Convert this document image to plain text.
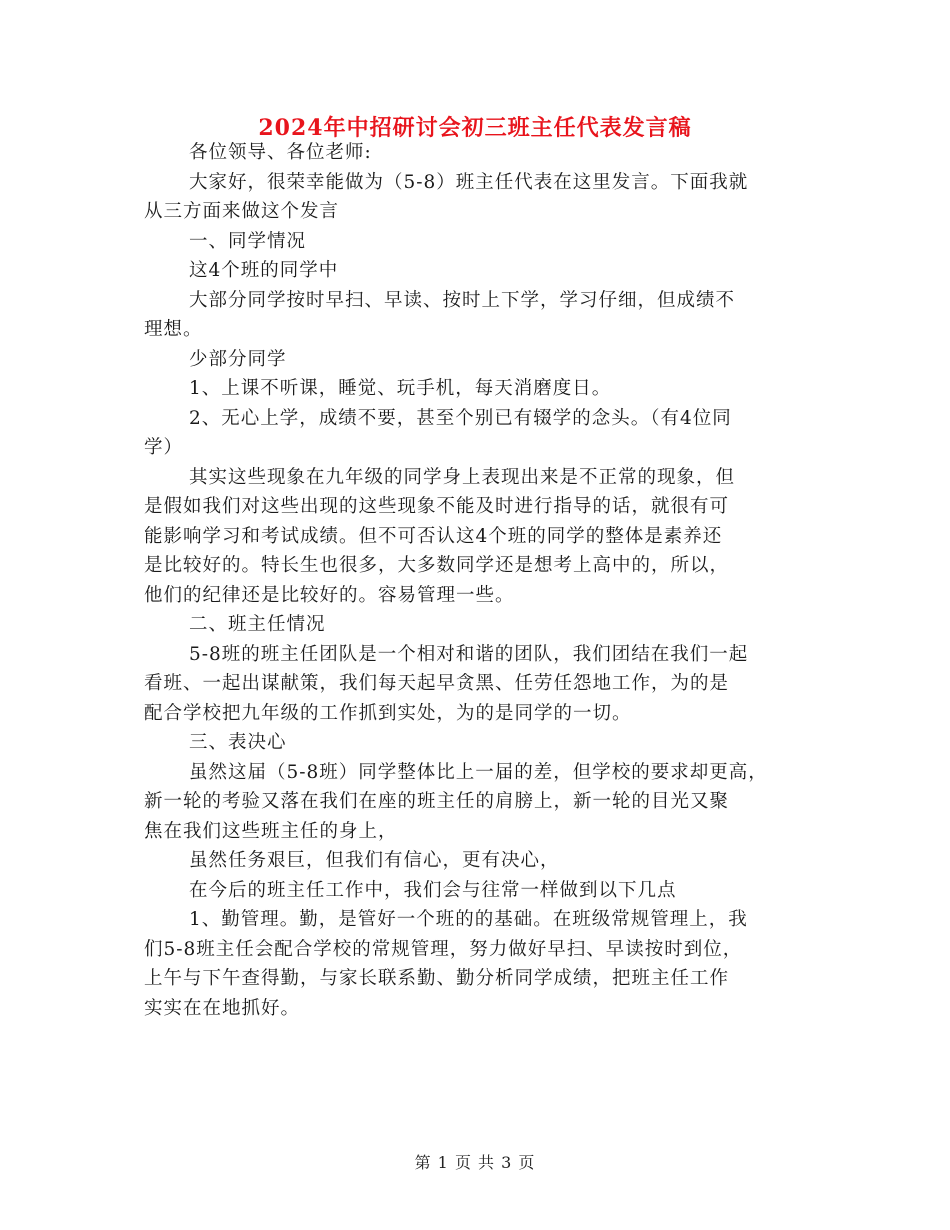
2024年中招研讨会初三班主任代表发言稿
各位领导、各位老师:
大家好，很荣幸能做为（5-8）班主任代表在这里发言。下面我就
从三方面来做这个发言
一、同学情况
这4个班的同学中
大部分同学按时早扫、早读、按时上下学，学习仔细，但成绩不
理想。
少部分同学
1、上课不听课，睡觉、玩手机，每天消磨度日。
2、无心上学，成绩不要，甚至个别已有辍学的念头。（有4位同
学）
其实这些现象在九年级的同学身上表现出来是不正常的现象，但
是假如我们对这些出现的这些现象不能及时进行指导的话，就很有可
能影响学习和考试成绩。但不可否认这4个班的同学的整体是素养还
是比较好的。特长生也很多，大多数同学还是想考上高中的，所以，
他们的纪律还是比较好的。容易管理一些。
二、班主任情况
5-8班的班主任团队是一个相对和谐的团队，我们团结在我们一起
看班、一起出谋献策，我们每天起早贪黑、任劳任怨地工作，为的是
配合学校把九年级的工作抓到实处，为的是同学的一切。
三、表决心
虽然这届（5-8班）同学整体比上一届的差，但学校的要求却更高，
新一轮的考验又落在我们在座的班主任的肩膀上，新一轮的目光又聚
焦在我们这些班主任的身上，
虽然任务艰巨，但我们有信心，更有决心，
在今后的班主任工作中，我们会与往常一样做到以下几点
1、勤管理。勤，是管好一个班的的基础。在班级常规管理上，我
们5-8班主任会配合学校的常规管理，努力做好早扫、早读按时到位，
上午与下午查得勤，与家长联系勤、勤分析同学成绩，把班主任工作
实实在在地抓好。
第 1 页 共 3 页
